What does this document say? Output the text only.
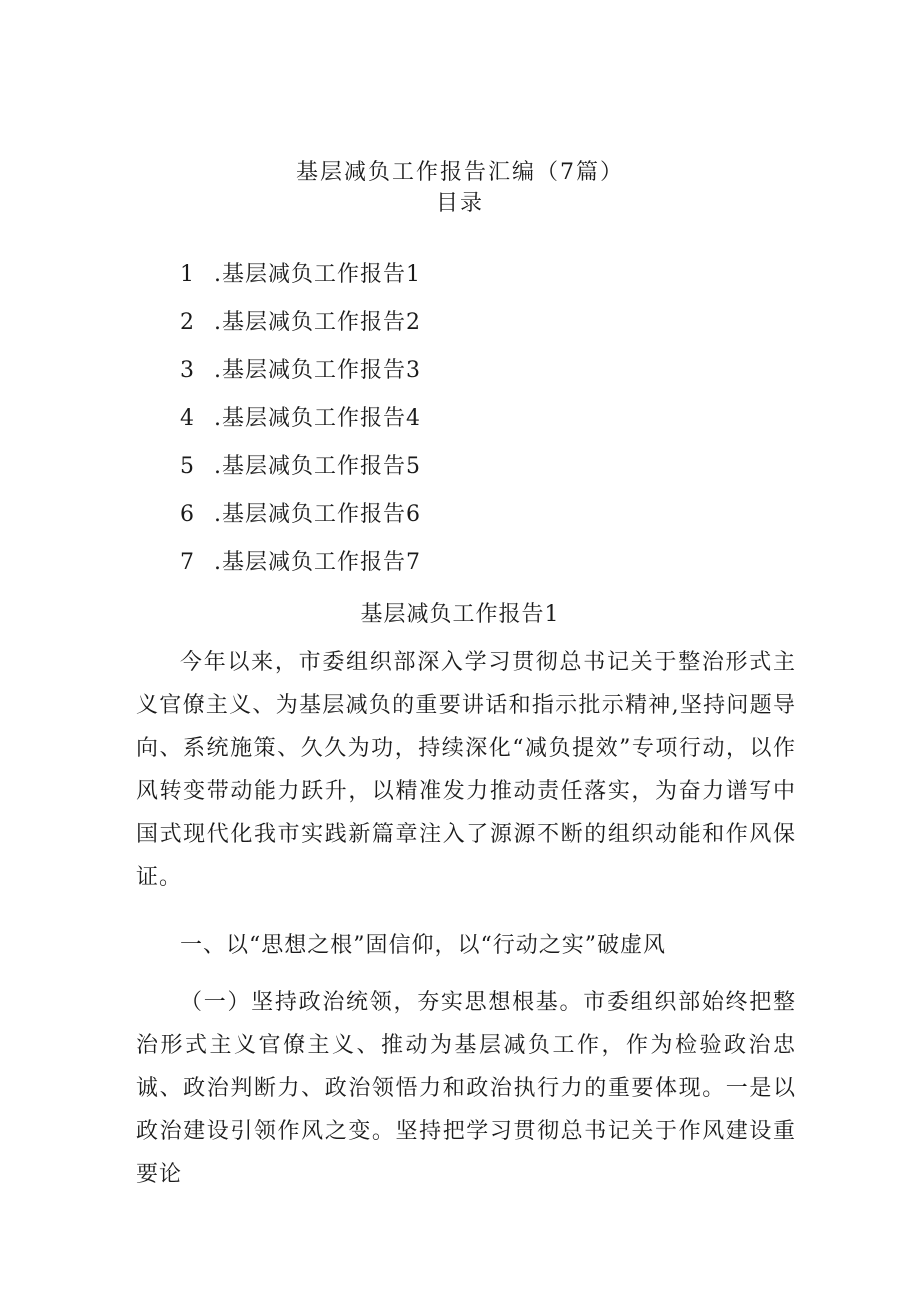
基层减负工作报告汇编（7篇）
目录
1 .基层减负工作报告1
2 .基层减负工作报告2
3 .基层减负工作报告3
4 .基层减负工作报告4
5 .基层减负工作报告5
6 .基层减负工作报告6
7 .基层减负工作报告7
基层减负工作报告1

今年以来，市委组织部深入学习贯彻总书记关于整治形式主义官僚主义、为基层减负的重要讲话和指示批示精神,坚持问题导向、系统施策、久久为功，持续深化“减负提效”专项行动，以作风转变带动能力跃升，以精准发力推动责任落实，为奋力谱写中国式现代化我市实践新篇章注入了源源不断的组织动能和作风保证。

一、以“思想之根”固信仰，以“行动之实”破虚风

（一）坚持政治统领，夯实思想根基。市委组织部始终把整治形式主义官僚主义、推动为基层减负工作，作为检验政治忠诚、政治判断力、政治领悟力和政治执行力的重要体现。一是以政治建设引领作风之变。坚持把学习贯彻总书记关于作风建设重要论
